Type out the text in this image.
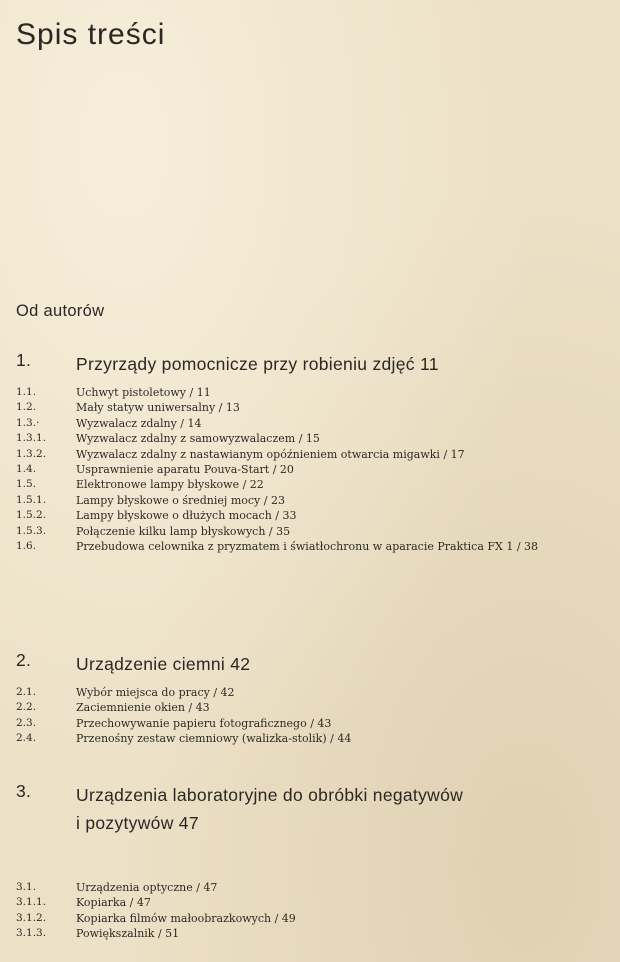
Spis treści
Od autorów
1.	Przyrządy pomocnicze przy robieniu zdjęć 11
1.1.	Uchwyt pistoletowy / 11
1.2.	Mały statyw uniwersalny / 13
1.3.·	Wyzwalacz zdalny / 14
1.3.1.	Wyzwalacz zdalny z samowyzwalaczem / 15
1.3.2.	Wyzwalacz zdalny z nastawianym opóźnieniem otwarcia migawki / 17
1.4.	Usprawnienie aparatu Pouva-Start / 20
1.5.	Elektronowe lampy błyskowe / 22
1.5.1.	Lampy błyskowe o średniej mocy / 23
1.5.2.	Lampy błyskowe o dłużych mocach / 33
1.5.3.	Połączenie kilku lamp błyskowych / 35
1.6.	Przebudowa celownika z pryzmatem i światłochronu w aparacie Praktica FX 1 / 38
2.	Urządzenie ciemni 42
2.1.	Wybór miejsca do pracy / 42
2.2.	Zaciemnienie okien / 43
2.3.	Przechowywanie papieru fotograficznego / 43
2.4.	Przenośny zestaw ciemniowy (walizka-stolik) / 44
3.	Urządzenia laboratoryjne do obróbki negatywów
i pozytywów 47
3.1.	Urządzenia optyczne / 47
3.1.1.	Kopiarka / 47
3.1.2.	Kopiarka filmów małoobrazkowych / 49
3.1.3.	Powiększalnik / 51
